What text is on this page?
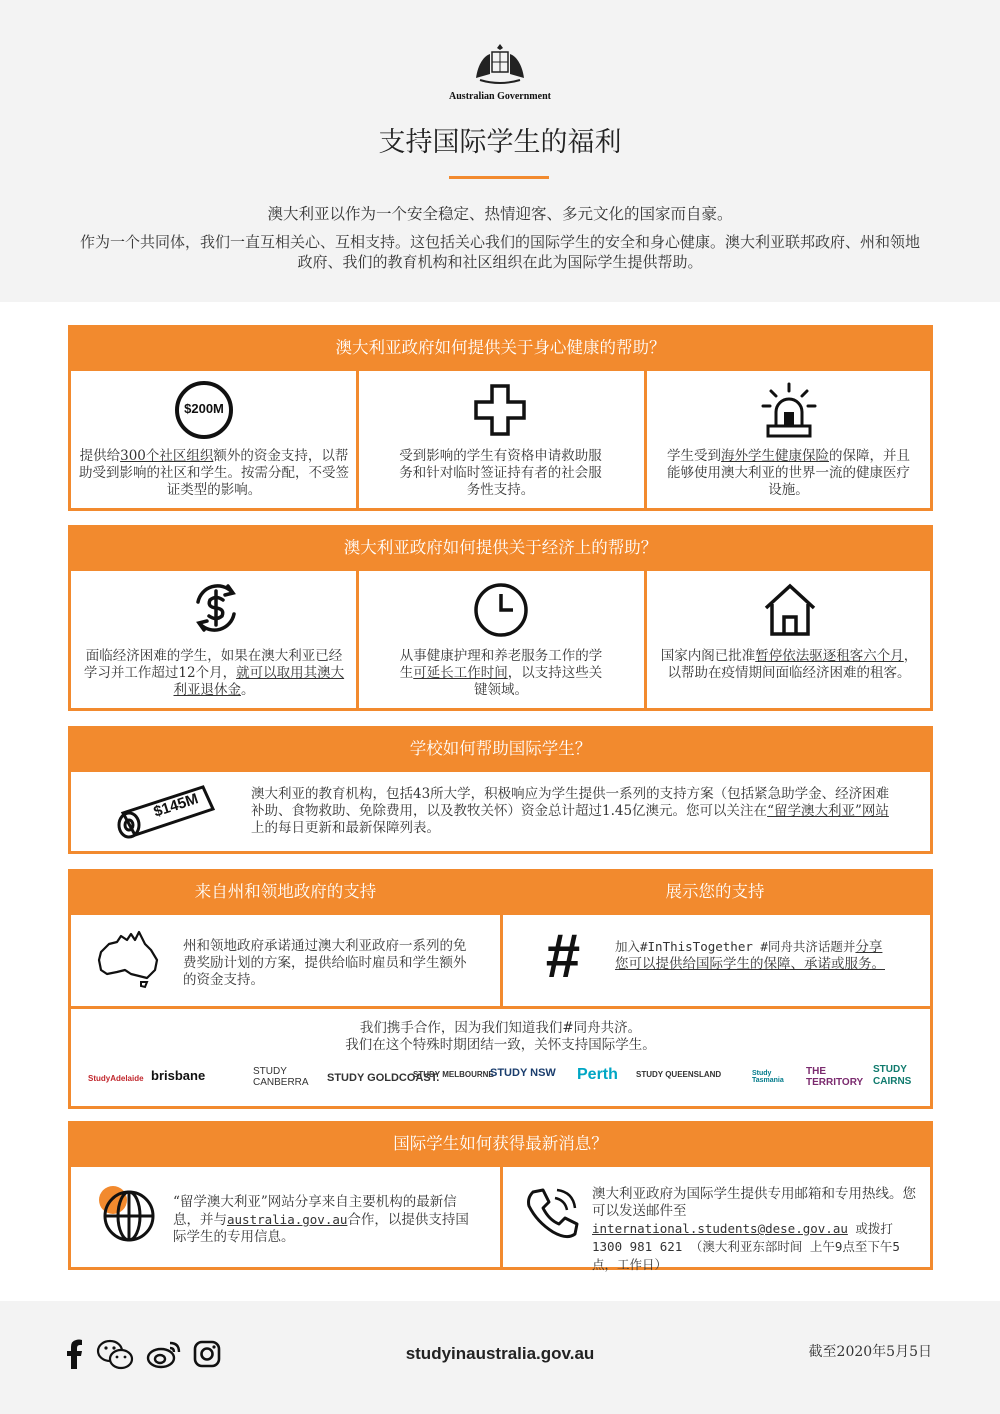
Australian Government
支持国际学生的福利
澳大利亚以作为一个安全稳定、热情迎客、多元文化的国家而自豪。
作为一个共同体，我们一直互相关心、互相支持。这包括关心我们的国际学生的安全和身心健康。澳大利亚联邦政府、州和领地政府、我们的教育机构和社区组织在此为国际学生提供帮助。
澳大利亚政府如何提供关于身心健康的帮助？
$200M
提供给300个社区组织额外的资金支持，以帮助受到影响的社区和学生。按需分配，不受签证类型的影响。
受到影响的学生有资格申请救助服务和针对临时签证持有者的社会服务性支持。
学生受到海外学生健康保险的保障，并且能够使用澳大利亚的世界一流的健康医疗设施。
澳大利亚政府如何提供关于经济上的帮助？
面临经济困难的学生，如果在澳大利亚已经学习并工作超过12个月，就可以取用其澳大利亚退休金。
从事健康护理和养老服务工作的学生可延长工作时间，以支持这些关键领域。
国家内阁已批准暂停依法驱逐租客六个月，以帮助在疫情期间面临经济困难的租客。
学校如何帮助国际学生？
$145M	澳大利亚的教育机构，包括43所大学，积极响应为学生提供一系列的支持方案（包括紧急助学金、经济困难补助、食物救助、免除费用，以及教牧关怀）资金总计超过1.45亿澳元。您可以关注在“留学澳大利亚”网站上的每日更新和最新保障列表。
来自州和领地政府的支持	展示您的支持
州和领地政府承诺通过澳大利亚政府一系列的免费奖励计划的方案，提供给临时雇员和学生额外的资金支持。	#	加入#InThisTogether #同舟共济话题并分享您可以提供给国际学生的保障、承诺或服务。
我们携手合作，因为我们知道我们#同舟共济。
我们在这个特殊时期团结一致，关怀支持国际学生。
StudyAdelaide brisbane	STUDY CANBERRA STUDY GOLDCOAST.
STUDY MELBOURNE
STUDY NSW Perth STUDY QUEENSLAND	Study Tasmania
THE TERRITORY
STUDY CAIRNS
国际学生如何获得最新消息？
“留学澳大利亚”网站分享来自主要机构的最新信息，并与australia.gov.au合作，以提供支持国际学生的专用信息。
澳大利亚政府为国际学生提供专用邮箱和专用热线。您可以发送邮件至international.students@dese.gov.au 或拨打1300 981 621 （澳大利亚东部时间 上午9点至下午5点，工作日）
studyinaustralia.gov.au	截至2020年5月5日
